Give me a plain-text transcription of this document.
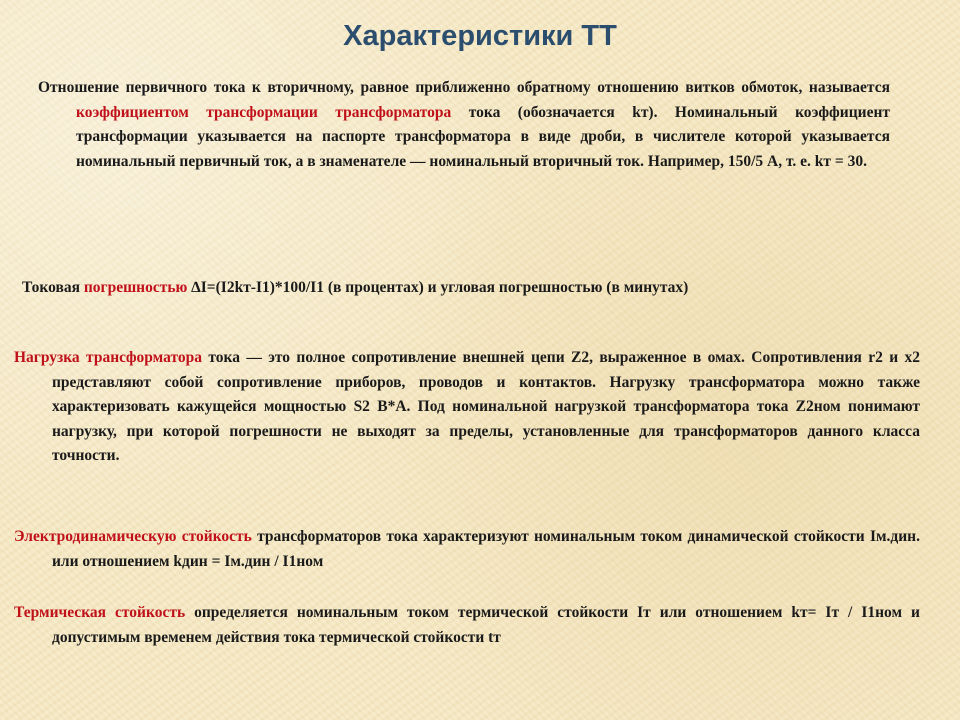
Характеристики ТТ

Отношение первичного тока к вторичному, равное приближенно обратному отношению витков обмоток, называется коэффициентом трансформации трансформатора тока (обозначается kт). Номинальный коэффициент трансформации указывается на паспорте трансформатора в виде дроби, в числителе которой указывается номинальный первичный ток, а в знаменателе — номинальный вторичный ток. Например, 150/5 А, т. е. kт = 30.

Токовая погрешностью ∆I=(I2kт-I1)*100/I1 (в процентах) и угловая погрешностью (в минутах)

Нагрузка трансформатора тока — это полное сопротивление внешней цепи Z2, выраженное в омах. Сопротивления r2 и x2 представляют собой сопротивление приборов, проводов и контактов. Нагрузку трансформатора можно также характеризовать кажущейся мощностью S2 В*А. Под номинальной нагрузкой трансформатора тока Z2ном понимают нагрузку, при которой погрешности не выходят за пределы, установленные для трансформаторов данного класса точности.

Электродинамическую стойкость трансформаторов тока характеризуют номинальным током динамической стойкости Iм.дин. или отношением kдин = Iм.дин / I1ном

Термическая стойкость определяется номинальным током термической стойкости Iт или отношением kт= Iт / I1ном и допустимым временем действия тока термической стойкости tт
